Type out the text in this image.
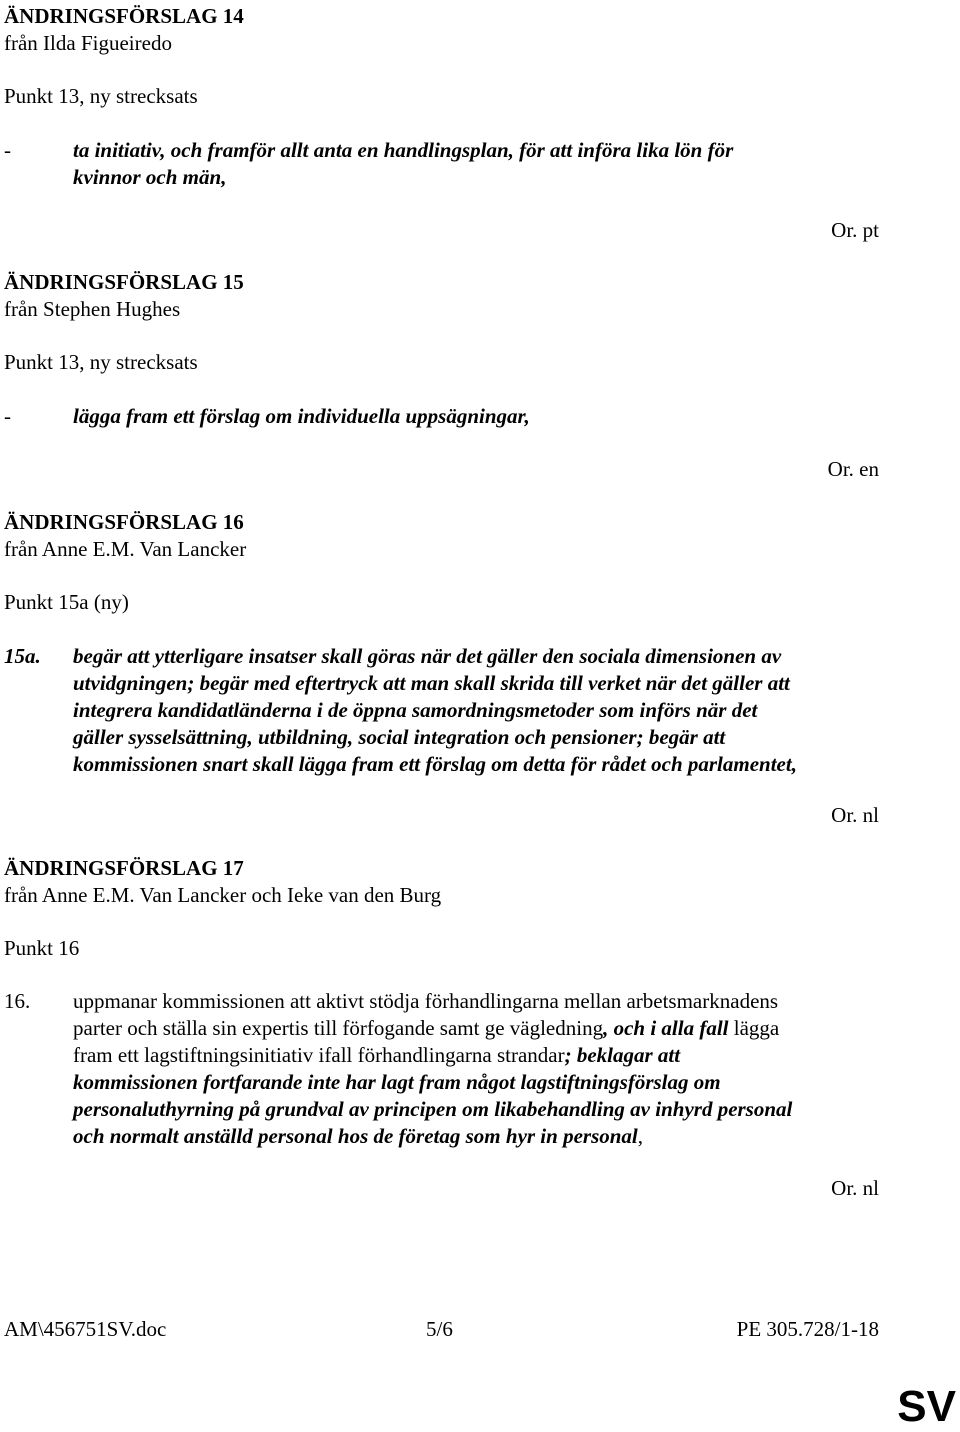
ÄNDRINGSFÖRSLAG 14
från Ilda Figueiredo
Punkt 13, ny strecksats
-	ta initiativ, och framför allt anta en handlingsplan, för att införa lika lön för
kvinnor och män,
Or. pt
ÄNDRINGSFÖRSLAG 15
från Stephen Hughes
Punkt 13, ny strecksats
-	lägga fram ett förslag om individuella uppsägningar,
Or. en
ÄNDRINGSFÖRSLAG 16
från Anne E.M. Van Lancker
Punkt 15a (ny)
15a. begär att ytterligare insatser skall göras när det gäller den sociala dimensionen av
utvidgningen; begär med eftertryck att man skall skrida till verket när det gäller att
integrera kandidatländerna i de öppna samordningsmetoder som införs när det
gäller sysselsättning, utbildning, social integration och pensioner; begär att
kommissionen snart skall lägga fram ett förslag om detta för rådet och parlamentet,
Or. nl
ÄNDRINGSFÖRSLAG 17
från Anne E.M. Van Lancker och Ieke van den Burg
Punkt 16
16. uppmanar kommissionen att aktivt stödja förhandlingarna mellan arbetsmarknadens
parter och ställa sin expertis till förfogande samt ge vägledning, och i alla fall lägga
fram ett lagstiftningsinitiativ ifall förhandlingarna strandar; beklagar att
kommissionen fortfarande inte har lagt fram något lagstiftningsförslag om
personaluthyrning på grundval av principen om likabehandling av inhyrd personal
och normalt anställd personal hos de företag som hyr in personal,
Or. nl
AM\456751SV.doc	5/6	PE 305.728/1-18
SV
